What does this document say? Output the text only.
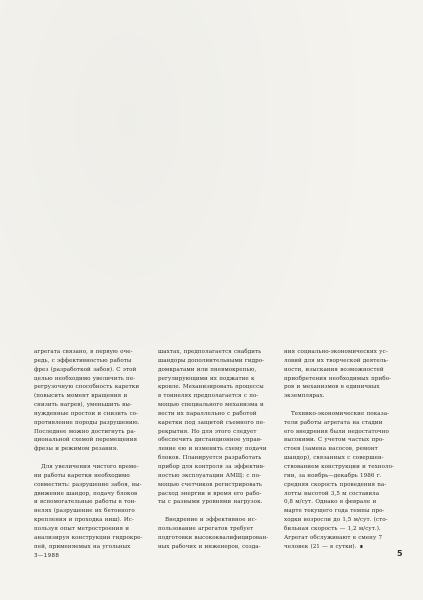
агрегата связано, в первую оче-
редь, с эффективностью работы
фрез (разработкой забоя). С этой
целью необходимо увеличить пе-
регрузочную способность каретки
(повысить момент вращения и
снизить нагрев), уменьшить вы-
нужденные простои и снизить со-
противление породы разрушению.
Последнее можно достигнуть ра-
циональной схемой перемещения
фрезы и режимом резания.

Для увеличения чистого време-
ни работы каретки необходимо
совместить: разрушение забоя, вы-
движение шандор, подачу блоков
и вспомогательные работы в тон-
нелях (разрушение их бетонного
крепления и проходка ниш). Ис-
пользуя опыт метростроения и
анализируя конструкции гидрокре-
пей, применяемых на угольных

шахтах, предполагается снабдить
шандоры дополнительными гидро-
домкратами или пневмокрепью,
регулирующими их поджатие к
кровле. Механизировать процессы
в тоннелях предполагается с по-
мощью специального механизма и
вести их параллельно с работой
каретки под защитой съемного пе-
рекрытия. Но для этого следует
обеспечить дистанционное управ-
ление ею и изменить схему подачи
блоков. Планируется разработать
прибор для контроля за эффектив-
ностью эксплуатации АМЩ: с по-
мощью счетчиков регистрировать
расход энергии и время его рабо-
ты с разными уровнями нагрузок.

Внедрение и эффективное ис-
пользование агрегатов требует
подготовки высококвалифицирован-
ных рабочих и инженеров, созда-

ния социально-экономических ус-
ловий для их творческой деятель-
ности, изыскания возможностей
приобретения необходимых прибо-
ров и механизмов в единичных
экземплярах.

Технико-экономические показа-
тели работы агрегата на стадии
его внедрения были недостаточно
высокими. С учетом частых про-
стоев (замена насосов, ремонт
шандор), связанных с совершен-
ствованием конструкции и техноло-
гии, за ноябрь—декабрь 1986 г.
средняя скорость проведения na-
лотты высотой 3,5 м составила
0,8 м/сут. Однако в феврале и
марте текущего года темпы про-
ходки возросли до 1,5 м/сут. (сто-
бильная скорость — 1,2 м/сут.).
Агрегат обслуживают в смену 7
человек (21 — в сутки). ∎

3—1988	5
